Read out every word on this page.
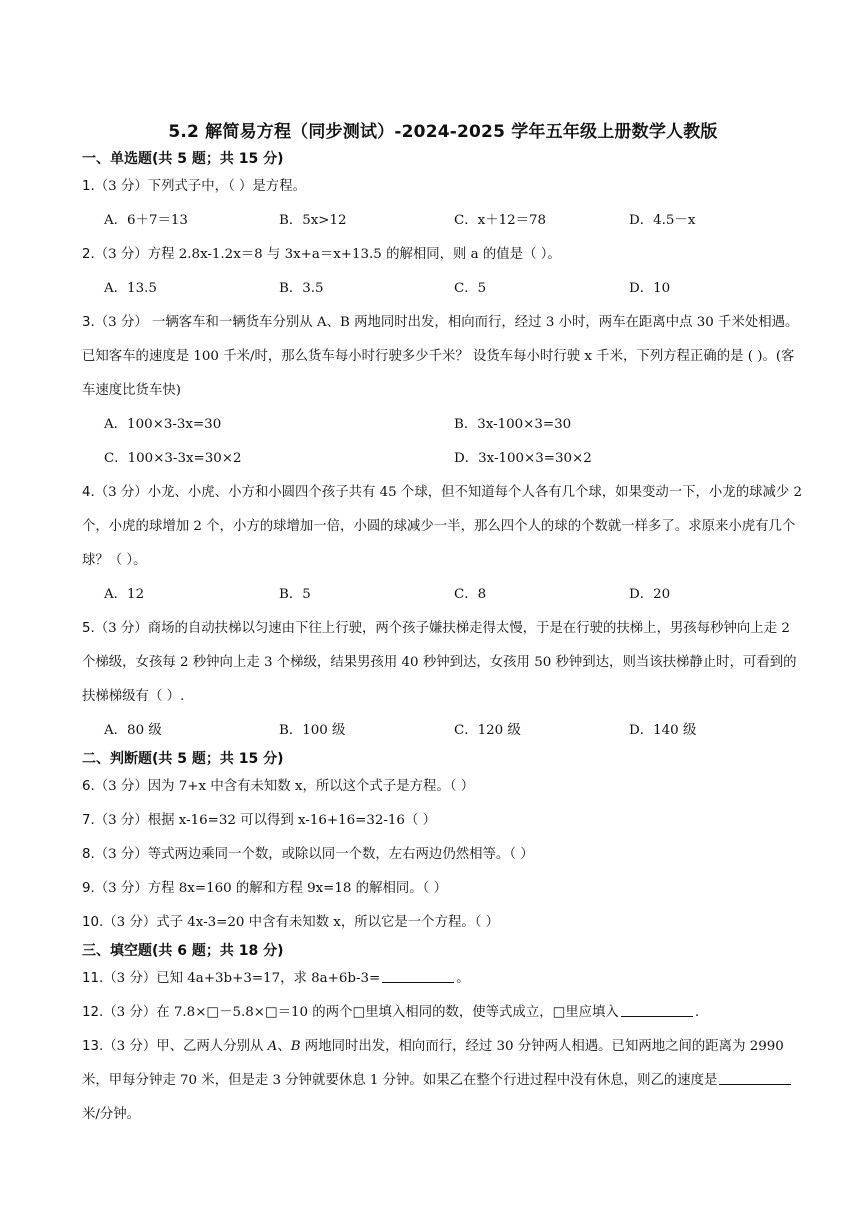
5.2 解简易方程（同步测试）-2024-2025 学年五年级上册数学人教版
一、单选题(共 5 题；共 15 分)
1.（3 分）下列式子中，（ ）是方程。
A．6＋7＝13	B．5x>12	C．x＋12＝78	D．4.5－x
2.（3 分）方程 2.8x-1.2x＝8 与 3x+a＝x+13.5 的解相同，则 a 的值是（ ）。
A．13.5	B．3.5	C．5	D．10
3.（3 分） 一辆客车和一辆货车分别从 A、B 两地同时出发，相向而行，经过 3 小时，两车在距离中点 30 千米处相遇。已知客车的速度是 100 千米/时，那么货车每小时行驶多少千米？ 设货车每小时行驶 x 千米，下列方程正确的是 ( )。(客车速度比货车快)
A．100×3-3x=30	B．3x-100×3=30
C．100×3-3x=30×2	D．3x-100×3=30×2
4.（3 分）小龙、小虎、小方和小圆四个孩子共有 45 个球，但不知道每个人各有几个球，如果变动一下，小龙的球减少 2 个，小虎的球增加 2 个，小方的球增加一倍，小圆的球减少一半，那么四个人的球的个数就一样多了。求原来小虎有几个球？（ ）。
A．12	B．5	C．8	D．20
5.（3 分）商场的自动扶梯以匀速由下往上行驶，两个孩子嫌扶梯走得太慢，于是在行驶的扶梯上，男孩每秒钟向上走 2 个梯级，女孩每 2 秒钟向上走 3 个梯级，结果男孩用 40 秒钟到达，女孩用 50 秒钟到达，则当该扶梯静止时，可看到的扶梯梯级有（ ）.
A．80 级	B．100 级	C．120 级	D．140 级
二、判断题(共 5 题；共 15 分)
6.（3 分）因为 7+x 中含有未知数 x，所以这个式子是方程。（ ）
7.（3 分）根据 x-16=32 可以得到 x-16+16=32-16（ ）
8.（3 分）等式两边乘同一个数，或除以同一个数，左右两边仍然相等。（ ）
9.（3 分）方程 8x=160 的解和方程 9x=18 的解相同。（ ）
10.（3 分）式子 4x-3=20 中含有未知数 x，所以它是一个方程。（ ）
三、填空题(共 6 题；共 18 分)
11.（3 分）已知 4a+3b+3=17，求 8a+6b-3=	。
12.（3 分）在 7.8×□－5.8×□＝10 的两个□里填入相同的数，使等式成立，□里应填入	.
13.（3 分）甲、乙两人分别从 A、B 两地同时出发，相向而行，经过 30 分钟两人相遇。已知两地之间的距离为 2990 米，甲每分钟走 70 米，但是走 3 分钟就要休息 1 分钟。如果乙在整个行进过程中没有休息，则乙的速度是米/分钟。
